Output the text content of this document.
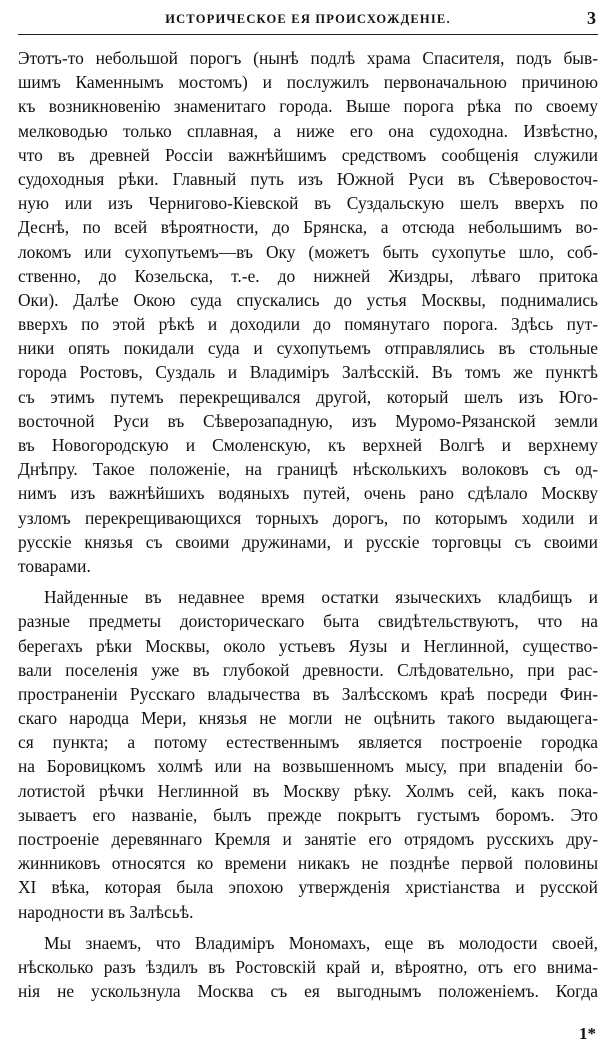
ИСТОРИЧЕСКОЕ ЕЯ ПРОИСХОЖДЕНІЕ.	3
Этотъ-то небольшой порогъ (нынѣ подлѣ храма Спасителя, подъ быв-
шимъ Каменнымъ мостомъ) и послужилъ первоначальною причиною
къ возникновенію знаменитаго города. Выше порога рѣка по своему
мелководью только сплавная, а ниже его она судоходна. Извѣстно,
что въ древней Россіи важнѣйшимъ средствомъ сообщенія служили
судоходныя рѣки. Главный путь изъ Южной Руси въ Сѣверовосточ-
ную или изъ Черниговo-Кіевской въ Суздальскую шелъ вверхъ по
Деснѣ, по всей вѣроятности, до Брянска, а отсюда небольшимъ во-
локомъ или сухопутьемъ—въ Оку (можетъ быть сухопутье шло, соб-
ственно, до Козельска, т.-е. до нижней Жиздры, лѣваго притока
Оки). Далѣе Окою суда спускались до устья Москвы, поднимались
вверхъ по этой рѣкѣ и доходили до помянутаго порога. Здѣсь пут-
ники опять покидали суда и сухопутьемъ отправлялись въ стольные
города Ростовъ, Суздаль и Владиміръ Залѣсскій. Въ томъ же пунктѣ
съ этимъ путемъ перекрещивался другой, который шелъ изъ Юго-
восточной Руси въ Сѣверозападную, изъ Муромо-Рязанской земли
въ Новогородскую и Смоленскую, къ верхней Волгѣ и верхнему
Днѣпру. Такое положеніе, на границѣ нѣсколькихъ волоковъ съ од-
нимъ изъ важнѣйшихъ водяныхъ путей, очень рано сдѣлало Москву
узломъ перекрещивающихся торныхъ дорогъ, по которымъ ходили и
русскіе князья съ своими дружинами, и русскіе торговцы съ своими
товарами.
Найденные въ недавнее время остатки языческихъ кладбищъ и
разные предметы доисторическаго быта свидѣтельствуютъ, что на
берегахъ рѣки Москвы, около устьевъ Яузы и Неглинной, существо-
вали поселенія уже въ глубокой древности. Слѣдовательно, при рас-
пространеніи Русскаго владычества въ Залѣсскомъ краѣ посреди Фин-
скаго народца Мери, князья не могли не оцѣнить такого выдающега-
ся пункта; а потому естественнымъ является построеніе городка
на Боровицкомъ холмѣ или на возвышенномъ мысу, при впаденіи бо-
лотистой рѣчки Неглинной въ Москву рѣку. Холмъ сей, какъ пока-
зываетъ его названіе, былъ прежде покрытъ густымъ боромъ. Это
построеніе деревяннаго Кремля и занятіе его отрядомъ русскихъ дру-
жинниковъ относятся ко времени никакъ не позднѣе первой половины
XI вѣка, которая была эпохою утвержденія христіанства и русской
народности въ Залѣсьѣ.
Мы знаемъ, что Владиміръ Мономахъ, еще въ молодости своей,
нѣсколько разъ ѣздилъ въ Ростовскій край и, вѣроятно, отъ его внима-
нія не ускользнула Москва съ ея выгоднымъ положеніемъ. Когда
1*
